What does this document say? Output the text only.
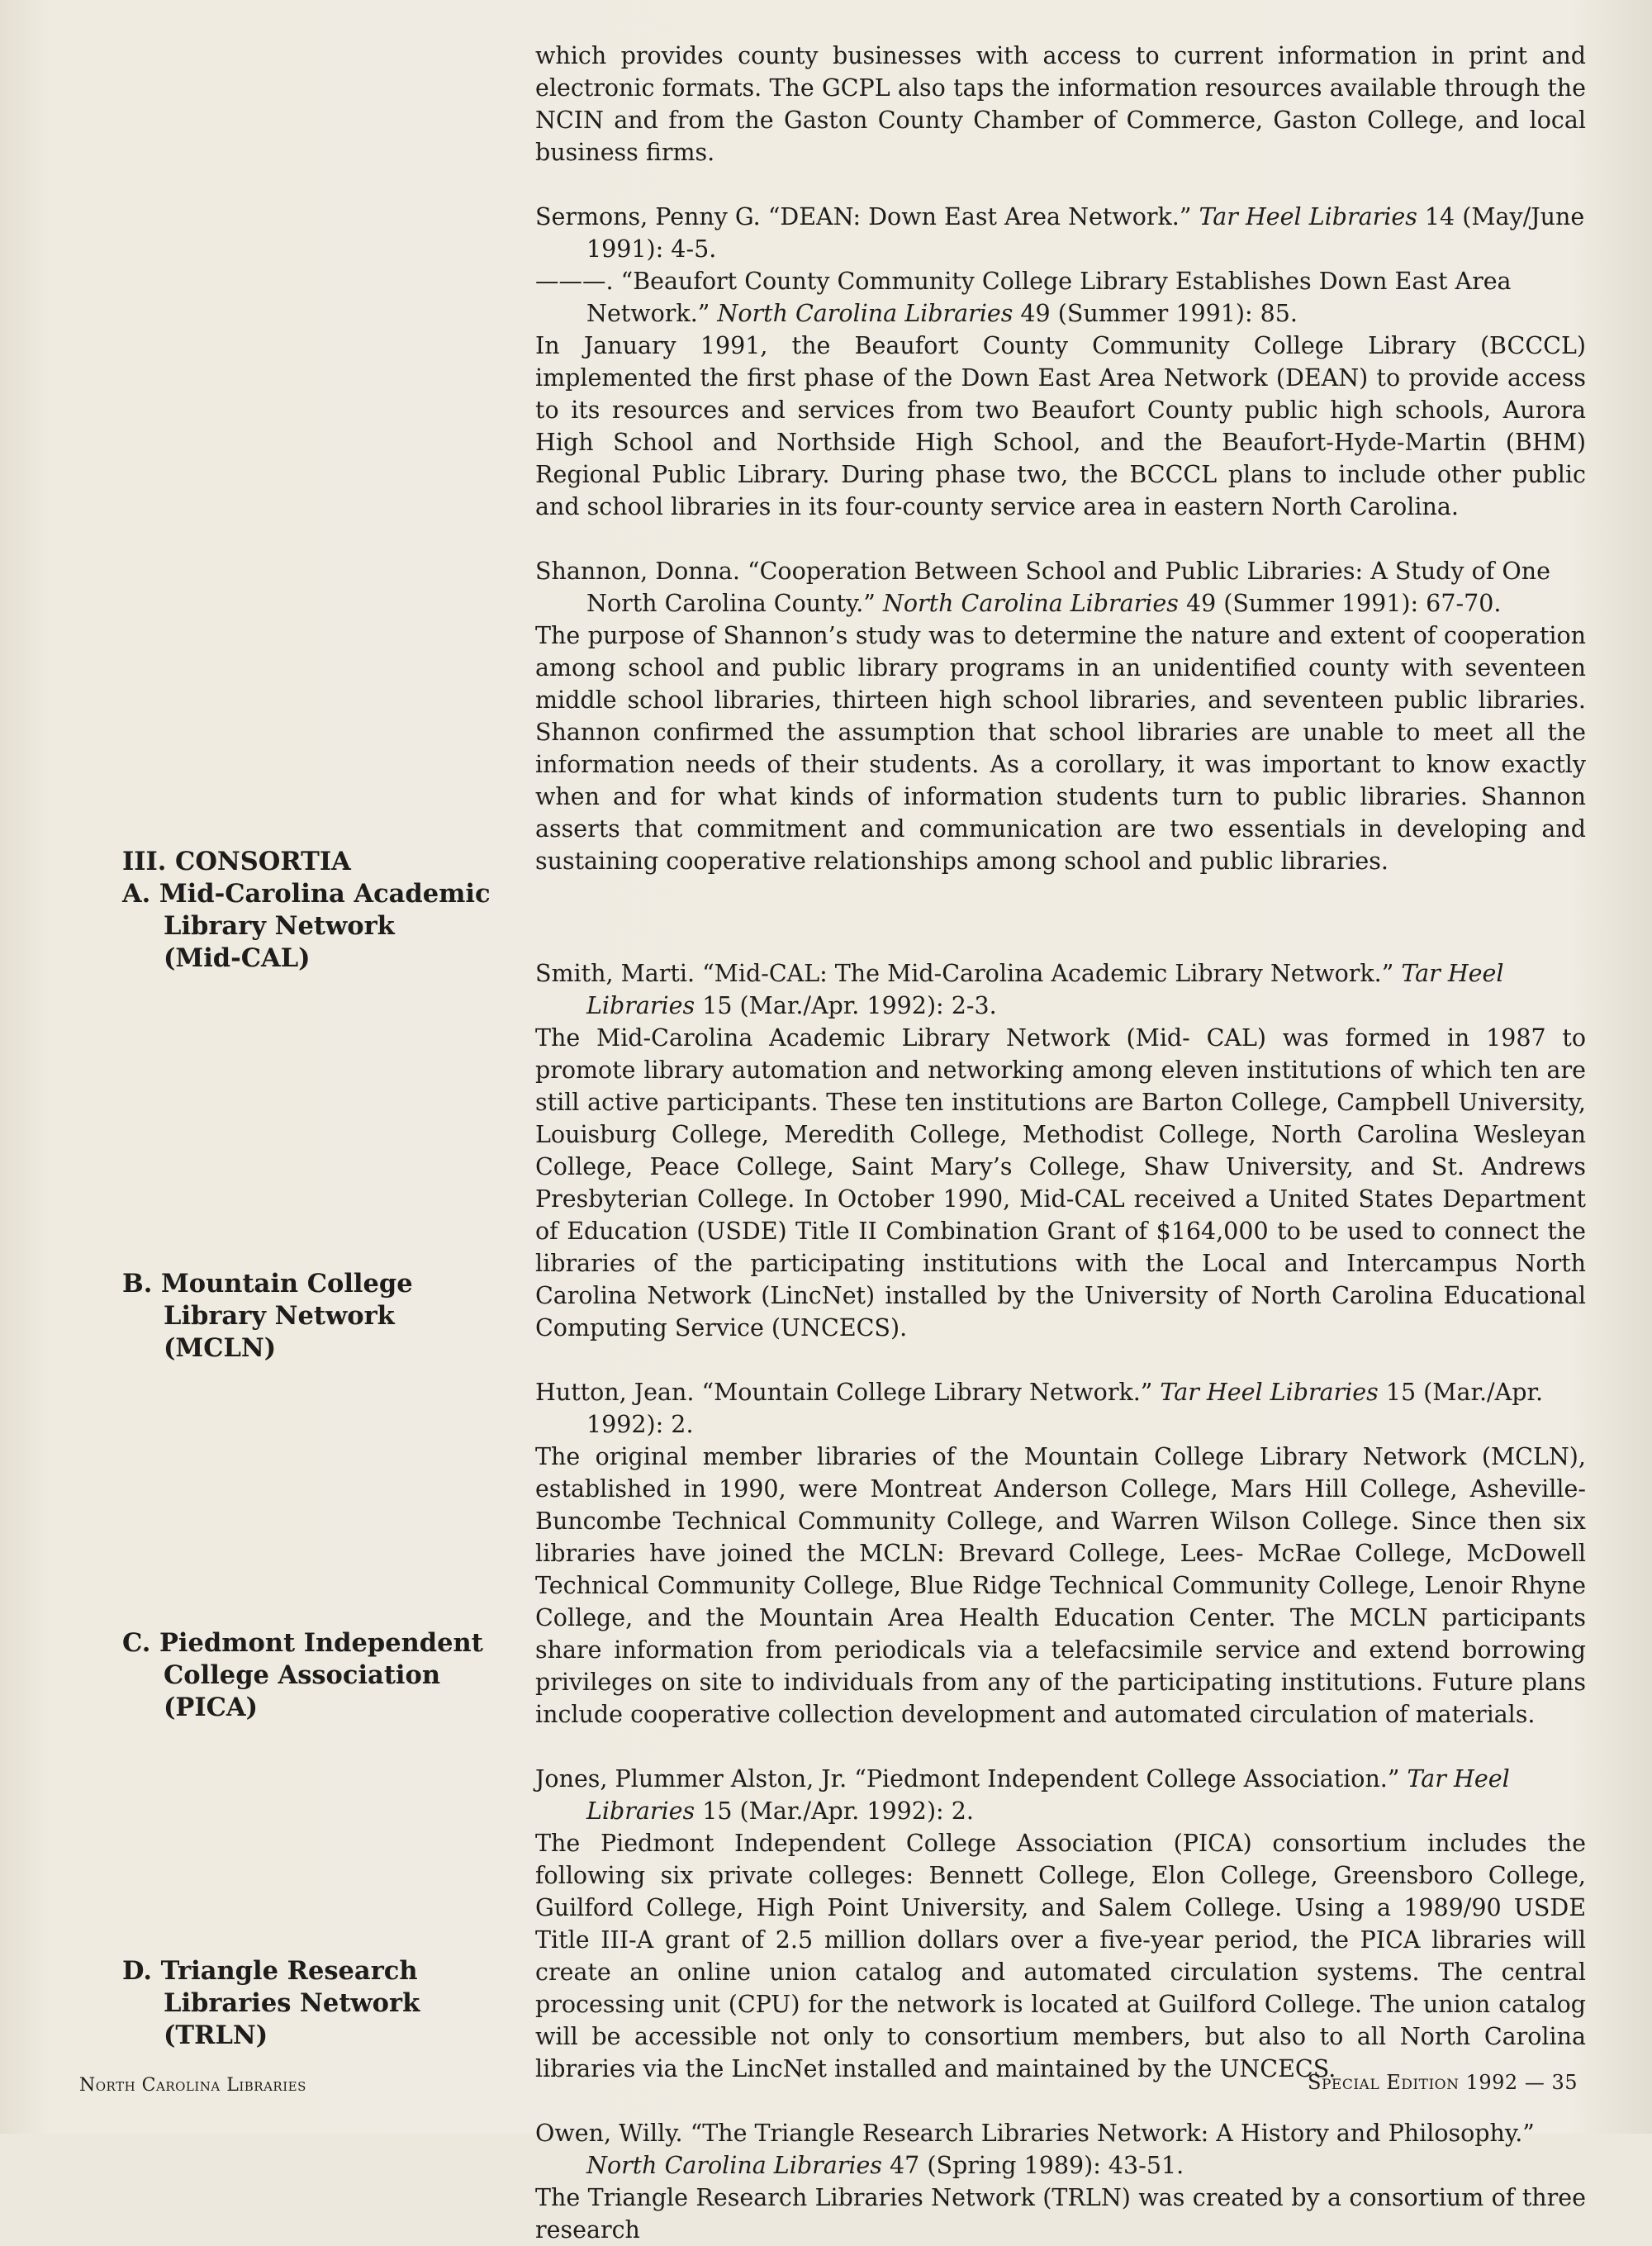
III. CONSORTIA
A. Mid-Carolina Academic
Library Network
(Mid-CAL)
B. Mountain College
Library Network
(MCLN)
C. Piedmont Independent
College Association
(PICA)
D. Triangle Research
Libraries Network
(TRLN)

which provides county businesses with access to current information in print and electronic formats. The GCPL also taps the information resources available through the NCIN and from the Gaston County Chamber of Commerce, Gaston College, and local business firms.

Sermons, Penny G. “DEAN: Down East Area Network.” Tar Heel Libraries 14 (May/June 1991): 4-5.

———. “Beaufort County Community College Library Establishes Down East Area Network.” North Carolina Libraries 49 (Summer 1991): 85.

In January 1991, the Beaufort County Community College Library (BCCCL) implemented the first phase of the Down East Area Network (DEAN) to provide access to its resources and services from two Beaufort County public high schools, Aurora High School and Northside High School, and the Beaufort-Hyde-Martin (BHM) Regional Public Library. During phase two, the BCCCL plans to include other public and school libraries in its four-county service area in eastern North Carolina.

Shannon, Donna. “Cooperation Between School and Public Libraries: A Study of One North Carolina County.” North Carolina Libraries 49 (Summer 1991): 67-70.

The purpose of Shannon’s study was to determine the nature and extent of cooperation among school and public library programs in an unidentified county with seventeen middle school libraries, thirteen high school libraries, and seventeen public libraries. Shannon confirmed the assumption that school libraries are unable to meet all the information needs of their students. As a corollary, it was important to know exactly when and for what kinds of information students turn to public libraries. Shannon asserts that commitment and communication are two essentials in developing and sustaining cooperative relationships among school and public libraries.

Smith, Marti. “Mid-CAL: The Mid-Carolina Academic Library Network.” Tar Heel Libraries 15 (Mar./Apr. 1992): 2-3.

The Mid-Carolina Academic Library Network (Mid- CAL) was formed in 1987 to promote library automation and networking among eleven institutions of which ten are still active participants. These ten institutions are Barton College, Campbell University, Louisburg College, Meredith College, Methodist College, North Carolina Wesleyan College, Peace College, Saint Mary’s College, Shaw University, and St. Andrews Presbyterian College. In October 1990, Mid-CAL received a United States Department of Education (USDE) Title II Combination Grant of $164,000 to be used to connect the libraries of the participating institutions with the Local and Intercampus North Carolina Network (LincNet) installed by the University of North Carolina Educational Computing Service (UNCECS).

Hutton, Jean. “Mountain College Library Network.” Tar Heel Libraries 15 (Mar./Apr. 1992): 2.

The original member libraries of the Mountain College Library Network (MCLN), established in 1990, were Montreat Anderson College, Mars Hill College, Asheville-Buncombe Technical Community College, and Warren Wilson College. Since then six libraries have joined the MCLN: Brevard College, Lees- McRae College, McDowell Technical Community College, Blue Ridge Technical Community College, Lenoir Rhyne College, and the Mountain Area Health Education Center. The MCLN participants share information from periodicals via a telefacsimile service and extend borrowing privileges on site to individuals from any of the participating institutions. Future plans include cooperative collection development and automated circulation of materials.

Jones, Plummer Alston, Jr. “Piedmont Independent College Association.” Tar Heel Libraries 15 (Mar./Apr. 1992): 2.

The Piedmont Independent College Association (PICA) consortium includes the following six private colleges: Bennett College, Elon College, Greensboro College, Guilford College, High Point University, and Salem College. Using a 1989/90 USDE Title III-A grant of 2.5 million dollars over a five-year period, the PICA libraries will create an online union catalog and automated circulation systems. The central processing unit (CPU) for the network is located at Guilford College. The union catalog will be accessible not only to consortium members, but also to all North Carolina libraries via the LincNet installed and maintained by the UNCECS.

Owen, Willy. “The Triangle Research Libraries Network: A History and Philosophy.” North Carolina Libraries 47 (Spring 1989): 43-51.

The Triangle Research Libraries Network (TRLN) was created by a consortium of three research

North Carolina Libraries	Special Edition 1992 — 35
